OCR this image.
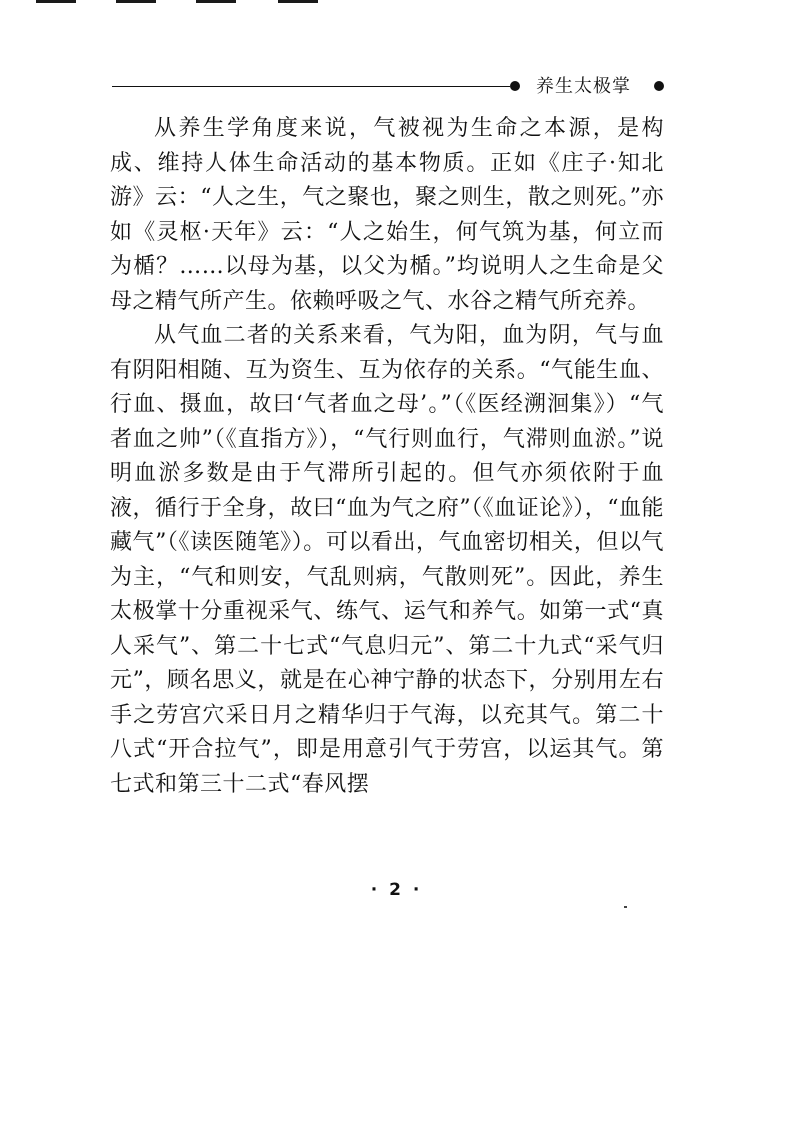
养生太极掌

从养生学角度来说，气被视为生命之本源，是构成、维持人体生命活动的基本物质。正如《庄子·知北游》云：“人之生，气之聚也，聚之则生，散之则死。”亦如《灵枢·天年》云：“人之始生，何气筑为基，何立而为楯？……以母为基，以父为楯。”均说明人之生命是父母之精气所产生。依赖呼吸之气、水谷之精气所充养。

从气血二者的关系来看，气为阳，血为阴，气与血有阴阳相随、互为资生、互为依存的关系。“气能生血、行血、摄血，故曰‘气者血之母’。”（《医经溯洄集》）“气者血之帅”（《直指方》），“气行则血行，气滞则血淤。”说明血淤多数是由于气滞所引起的。但气亦须依附于血液，循行于全身，故曰“血为气之府”（《血证论》），“血能藏气”（《读医随笔》）。可以看出，气血密切相关，但以气为主，“气和则安，气乱则病，气散则死”。因此，养生太极掌十分重视采气、练气、运气和养气。如第一式“真人采气”、第二十七式“气息归元”、第二十九式“采气归元”，顾名思义，就是在心神宁静的状态下，分别用左右手之劳宫穴采日月之精华归于气海，以充其气。第二十八式“开合拉气”，即是用意引气于劳宫，以运其气。第七式和第三十二式“春风摆

· 2 ·
